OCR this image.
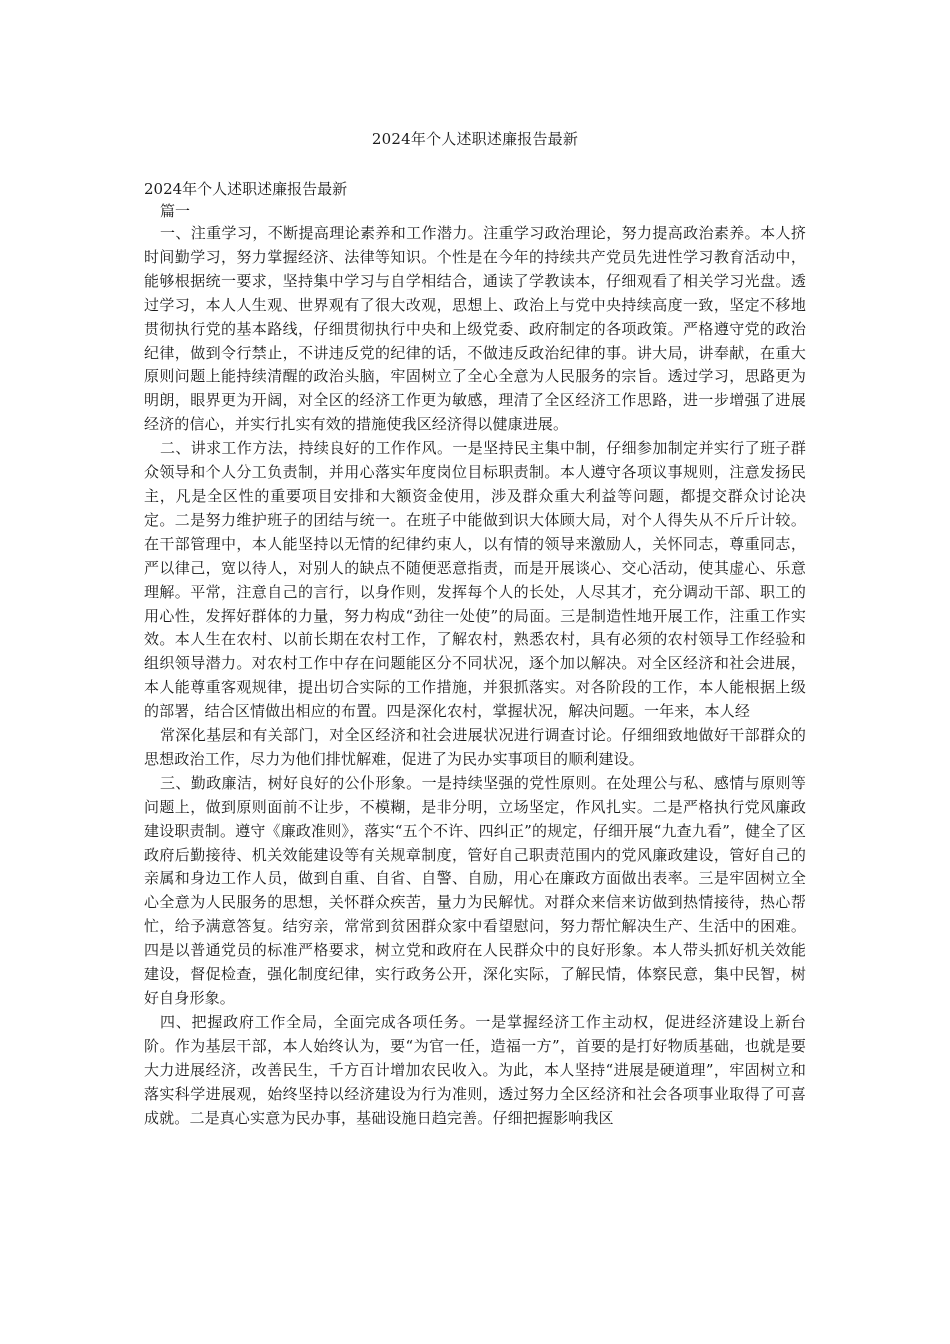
2024年个人述职述廉报告最新
2024年个人述职述廉报告最新
篇一

一、注重学习，不断提高理论素养和工作潜力。注重学习政治理论，努力提高政治素养。本人挤时间勤学习，努力掌握经济、法律等知识。个性是在今年的持续共产党员先进性学习教育活动中，能够根据统一要求，坚持集中学习与自学相结合，通读了学教读本，仔细观看了相关学习光盘。透过学习，本人人生观、世界观有了很大改观，思想上、政治上与党中央持续高度一致，坚定不移地贯彻执行党的基本路线，仔细贯彻执行中央和上级党委、政府制定的各项政策。严格遵守党的政治纪律，做到令行禁止，不讲违反党的纪律的话，不做违反政治纪律的事。讲大局，讲奉献，在重大原则问题上能持续清醒的政治头脑，牢固树立了全心全意为人民服务的宗旨。透过学习，思路更为明朗，眼界更为开阔，对全区的经济工作更为敏感，理清了全区经济工作思路，进一步增强了进展经济的信心，并实行扎实有效的措施使我区经济得以健康进展。

二、讲求工作方法，持续良好的工作作风。一是坚持民主集中制，仔细参加制定并实行了班子群众领导和个人分工负责制，并用心落实年度岗位目标职责制。本人遵守各项议事规则，注意发扬民主，凡是全区性的重要项目安排和大额资金使用，涉及群众重大利益等问题，都提交群众讨论决定。二是努力维护班子的团结与统一。在班子中能做到识大体顾大局，对个人得失从不斤斤计较。在干部管理中，本人能坚持以无情的纪律约束人，以有情的领导来激励人，关怀同志，尊重同志，严以律己，宽以待人，对别人的缺点不随便恶意指责，而是开展谈心、交心活动，使其虚心、乐意理解。平常，注意自己的言行，以身作则，发挥每个人的长处，人尽其才，充分调动干部、职工的用心性，发挥好群体的力量，努力构成“劲往一处使”的局面。三是制造性地开展工作，注重工作实效。本人生在农村、以前长期在农村工作，了解农村，熟悉农村，具有必须的农村领导工作经验和组织领导潜力。对农村工作中存在问题能区分不同状况，逐个加以解决。对全区经济和社会进展，本人能尊重客观规律，提出切合实际的工作措施，并狠抓落实。对各阶段的工作，本人能根据上级的部署，结合区情做出相应的布置。四是深化农村，掌握状况，解决问题。一年来，本人经

常深化基层和有关部门，对全区经济和社会进展状况进行调查讨论。仔细细致地做好干部群众的思想政治工作，尽力为他们排忧解难，促进了为民办实事项目的顺利建设。

三、勤政廉洁，树好良好的公仆形象。一是持续坚强的党性原则。在处理公与私、感情与原则等问题上，做到原则面前不让步，不模糊，是非分明，立场坚定，作风扎实。二是严格执行党风廉政建设职责制。遵守《廉政准则》，落实“五个不许、四纠正”的规定，仔细开展“九查九看”，健全了区政府后勤接待、机关效能建设等有关规章制度，管好自己职责范围内的党风廉政建设，管好自己的亲属和身边工作人员，做到自重、自省、自警、自励，用心在廉政方面做出表率。三是牢固树立全心全意为人民服务的思想，关怀群众疾苦，量力为民解忧。对群众来信来访做到热情接待，热心帮忙，给予满意答复。结穷亲，常常到贫困群众家中看望慰问，努力帮忙解决生产、生活中的困难。四是以普通党员的标准严格要求，树立党和政府在人民群众中的良好形象。本人带头抓好机关效能建设，督促检查，强化制度纪律，实行政务公开，深化实际，了解民情，体察民意，集中民智，树好自身形象。

四、把握政府工作全局，全面完成各项任务。一是掌握经济工作主动权，促进经济建设上新台阶。作为基层干部，本人始终认为，要“为官一任，造福一方”，首要的是打好物质基础，也就是要大力进展经济，改善民生，千方百计增加农民收入。为此，本人坚持“进展是硬道理”，牢固树立和落实科学进展观，始终坚持以经济建设为行为准则，透过努力全区经济和社会各项事业取得了可喜成就。二是真心实意为民办事，基础设施日趋完善。仔细把握影响我区
